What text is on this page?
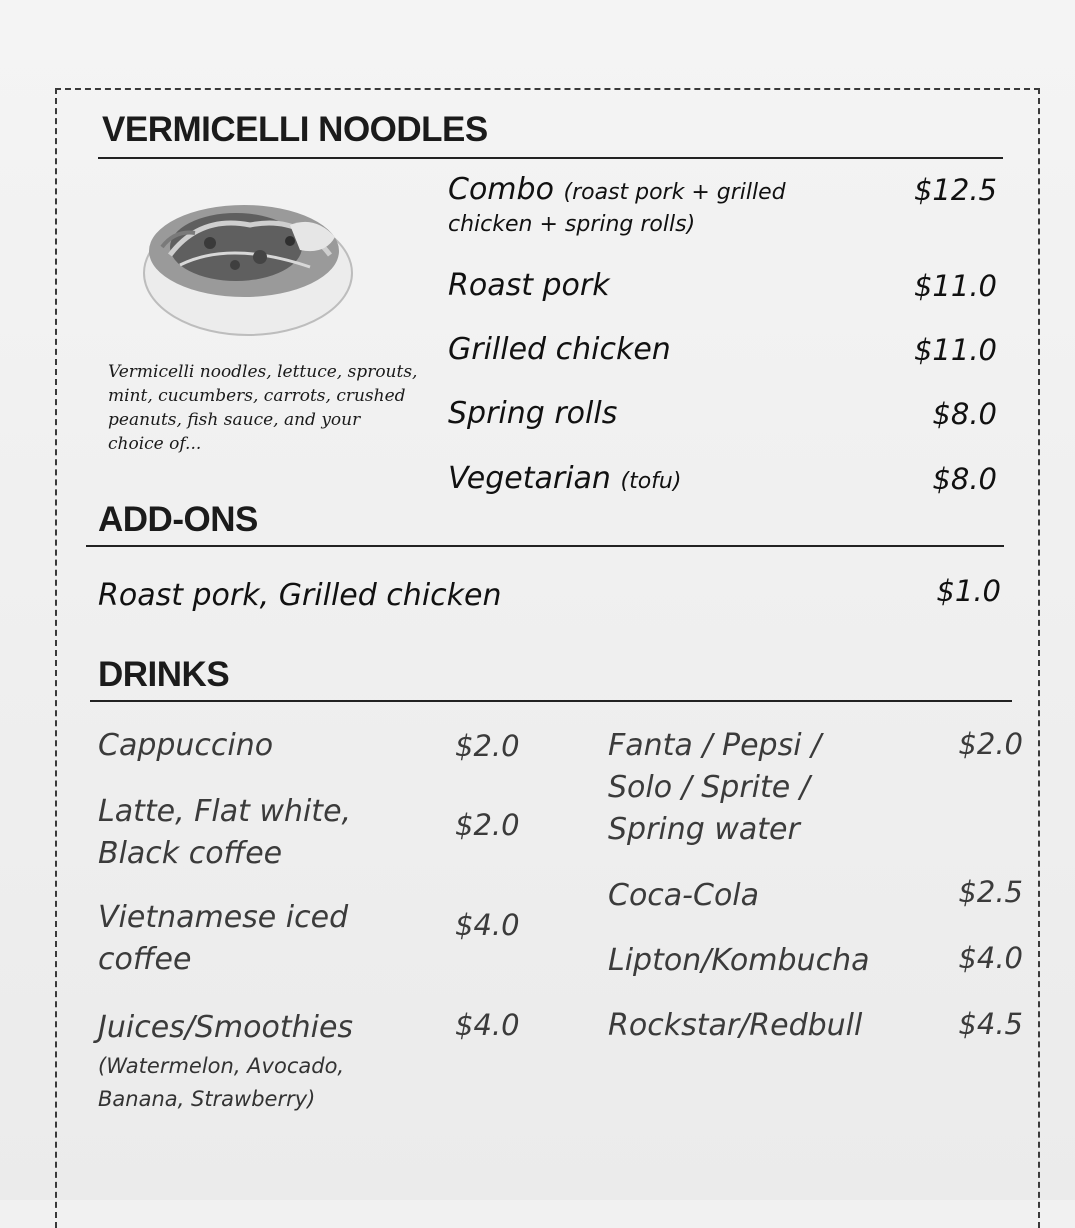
VERMICELLI NOODLES
Vermicelli noodles, lettuce, sprouts, mint, cucumbers, carrots, crushed peanuts, fish sauce, and your choice of...
Combo (roast pork + grilled
chicken + spring rolls)
$12.5
Roast pork	$11.0
Grilled chicken	$11.0
Spring rolls	$8.0
Vegetarian (tofu)	$8.0
ADD-ONS
Roast pork, Grilled chicken	$1.0
DRINKS
Cappuccino	$2.0
Latte, Flat white,
Black coffee
$2.0
Vietnamese iced
coffee
$4.0
Juices/Smoothies	$4.0
(Watermelon, Avocado,
Banana, Strawberry)
Fanta / Pepsi /
Solo / Sprite /
Spring water
$2.0
Coca-Cola	$2.5
Lipton/Kombucha	$4.0
Rockstar/Redbull	$4.5
